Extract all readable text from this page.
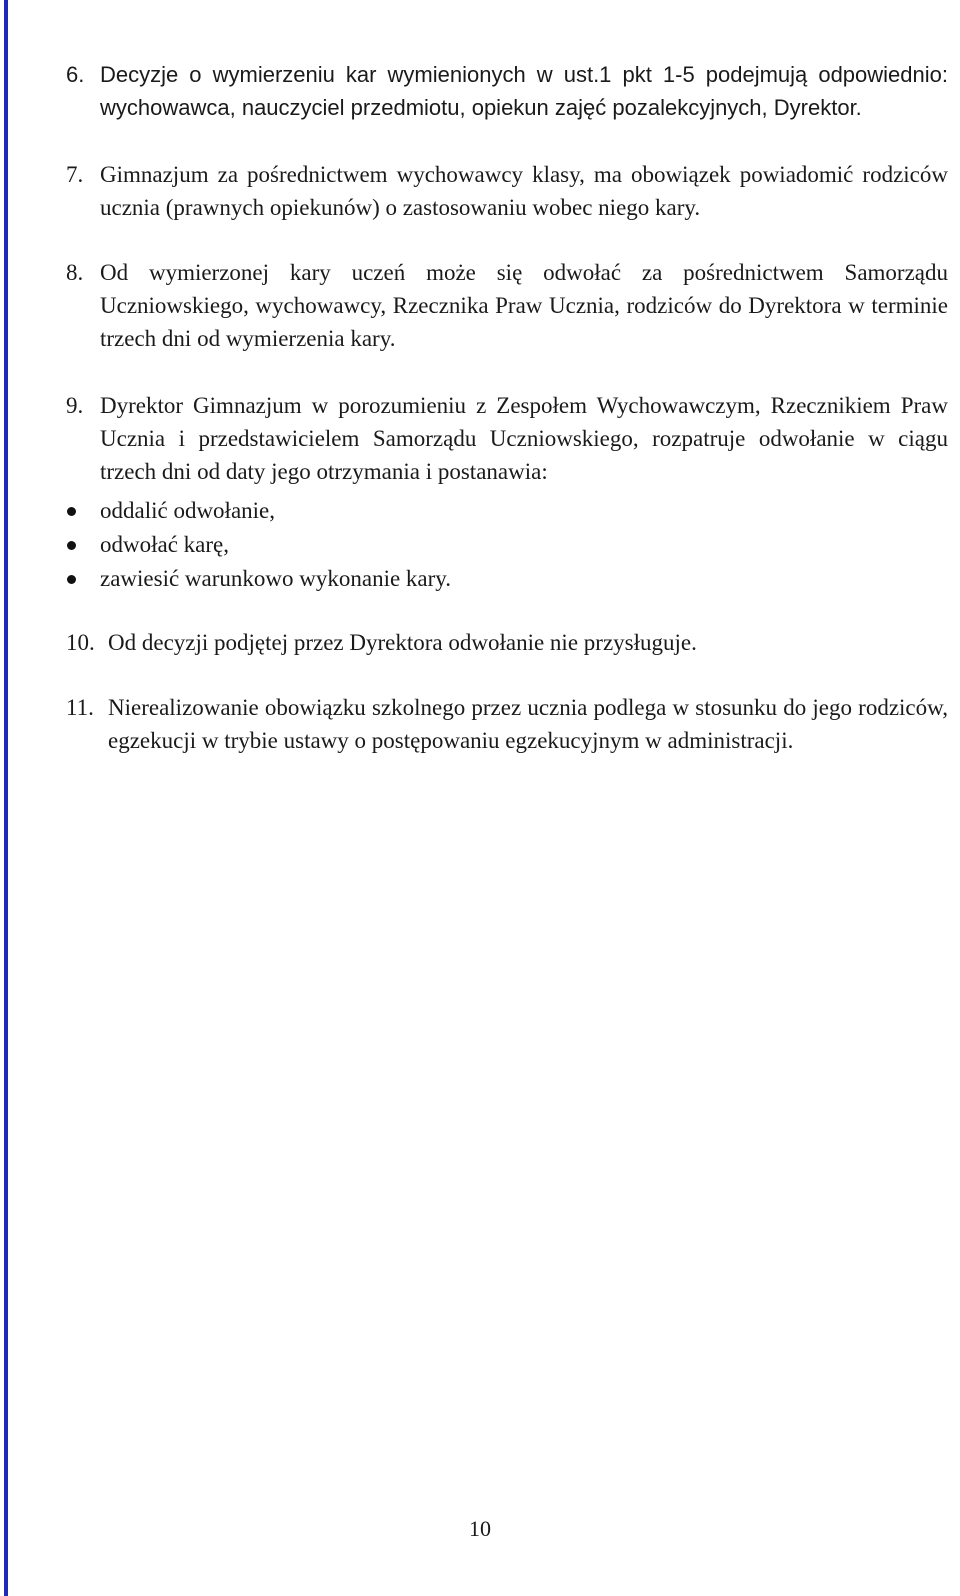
6. Decyzje o wymierzeniu kar wymienionych w ust.1 pkt 1-5 podejmują odpowiednio: wychowawca, nauczyciel przedmiotu, opiekun zajęć pozalekcyjnych, Dyrektor.
7. Gimnazjum za pośrednictwem wychowawcy klasy, ma obowiązek powiadomić rodziców ucznia (prawnych opiekunów) o zastosowaniu wobec niego kary.
8. Od wymierzonej kary uczeń może się odwołać za pośrednictwem Samorządu Uczniowskiego, wychowawcy, Rzecznika Praw Ucznia, rodziców do Dyrektora w terminie trzech dni od wymierzenia kary.
9. Dyrektor Gimnazjum w porozumieniu z Zespołem Wychowawczym, Rzecznikiem Praw Ucznia i przedstawicielem Samorządu Uczniowskiego, rozpatruje odwołanie w ciągu trzech dni od daty jego otrzymania i postanawia:
oddalić odwołanie,
odwołać karę,
zawiesić warunkowo wykonanie kary.
10. Od decyzji podjętej przez Dyrektora odwołanie nie przysługuje.
11. Nierealizowanie obowiązku szkolnego przez ucznia podlega w stosunku do jego rodziców, egzekucji w trybie ustawy o postępowaniu egzekucyjnym w administracji.
10
